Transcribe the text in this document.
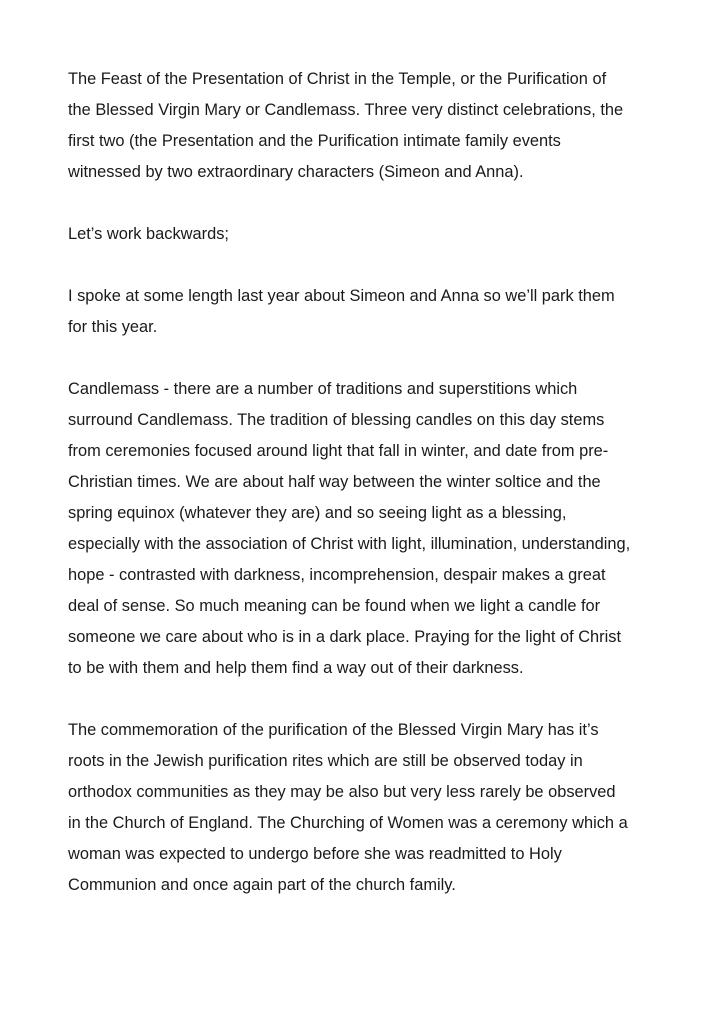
The Feast of the Presentation of Christ in the Temple, or the Purification of
the Blessed Virgin Mary or Candlemass. Three very distinct celebrations, the
first two (the Presentation and the Purification intimate family events
witnessed by two extraordinary characters (Simeon and Anna).

Let’s work backwards;

I spoke at some length last year about Simeon and Anna so we’ll park them
for this year.

Candlemass - there are a number of traditions and superstitions which
surround Candlemass. The tradition of blessing candles on this day stems
from ceremonies focused around light that fall in winter, and date from pre-
Christian times. We are about half way between the winter soltice and the
spring equinox (whatever they are) and so seeing light as a blessing,
especially with the association of Christ with light, illumination, understanding,
hope - contrasted with darkness, incomprehension, despair makes a great
deal of sense. So much meaning can be found when we light a candle for
someone we care about who is in a dark place. Praying for the light of Christ
to be with them and help them find a way out of their darkness.

The commemoration of the purification of the Blessed Virgin Mary has it’s
roots in the Jewish purification rites which are still be observed today in
orthodox communities as they may be also but very less rarely be observed
in the Church of England. The Churching of Women was a ceremony which a
woman was expected to undergo before she was readmitted to Holy
Communion and once again part of the church family.
